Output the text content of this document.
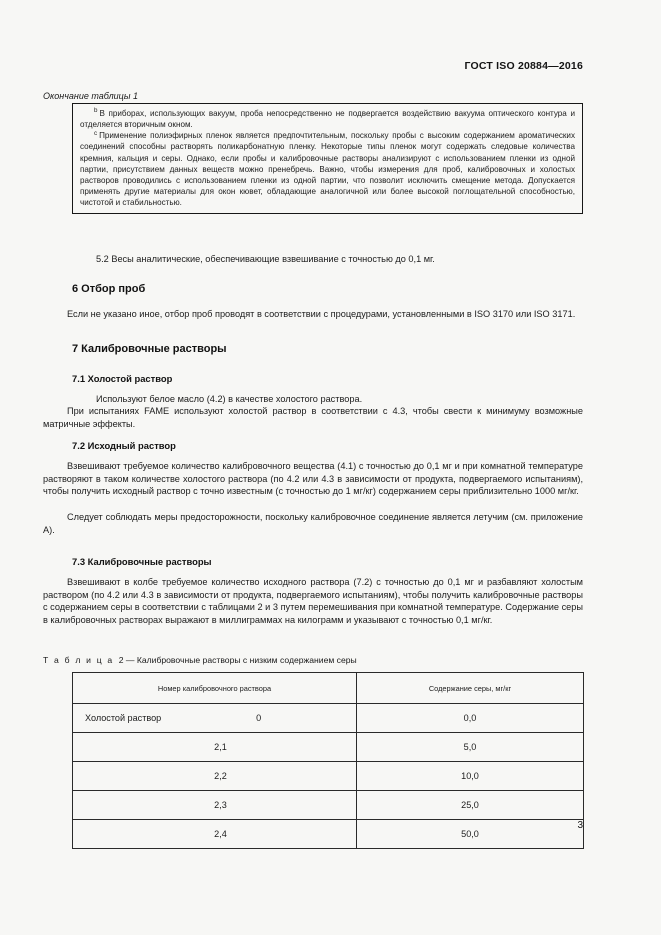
ГОСТ ISO 20884—2016
Окончание таблицы 1

$^b$ В приборах, использующих вакуум, проба непосредственно не подвергается воздействию вакуума оптического контура и отделяется вторичным окном.

$^c$ Применение полиэфирных пленок является предпочтительным, поскольку пробы с высоким содержанием ароматических соединений способны растворять поликарбонатную пленку. Некоторые типы пленок могут содержать следовые количества кремния, кальция и серы. Однако, если пробы и калибровочные растворы анализируют с использованием пленки из одной партии, присутствием данных веществ можно пренебречь. Важно, чтобы измерения для проб, калибровочных и холостых растворов проводились с использованием пленки из одной партии, что позволит исключить смещение метода. Допускается применять другие материалы для окон кювет, обладающие аналогичной или более высокой поглощательной способностью, чистотой и стабильностью.

5.2 Весы аналитические, обеспечивающие взвешивание с точностью до 0,1 мг.
6 Отбор проб
Если не указано иное, отбор проб проводят в соответствии с процедурами, установленными в ISO 3170 или ISO 3171.
7 Калибровочные растворы
7.1 Холостой раствор
Используют белое масло (4.2) в качестве холостого раствора.
При испытаниях FAME используют холостой раствор в соответствии с 4.3, чтобы свести к минимуму возможные матричные эффекты.
7.2 Исходный раствор
Взвешивают требуемое количество калибровочного вещества (4.1) с точностью до 0,1 мг и при комнатной температуре растворяют в таком количестве холостого раствора (по 4.2 или 4.3 в зависимости от продукта, подвергаемого испытаниям), чтобы получить исходный раствор с точно известным (с точностью до 1 мг/кг) содержанием серы приблизительно 1000 мг/кг.
Следует соблюдать меры предосторожности, поскольку калибровочное соединение является летучим (см. приложение А).
7.3 Калибровочные растворы
Взвешивают в колбе требуемое количество исходного раствора (7.2) с точностью до 0,1 мг и разбавляют холостым раствором (по 4.2 или 4.3 в зависимости от продукта, подвергаемого испытаниям), чтобы получить калибровочные растворы с содержанием серы в соответствии с таблицами 2 и 3 путем перемешивания при комнатной температуре. Содержание серы в калибровочных растворах выражают в миллиграммах на килограмм и указывают с точностью 0,1 мг/кг.
Т а б л и ц а 2 — Калибровочные растворы с низким содержанием серы
Номер калибровочного раствора	Содержание серы, мг/кг

Холостой раствор 0	0,0

2,1	5,0

2,2	10,0

2,3	25,0

2,4	50,0
3
